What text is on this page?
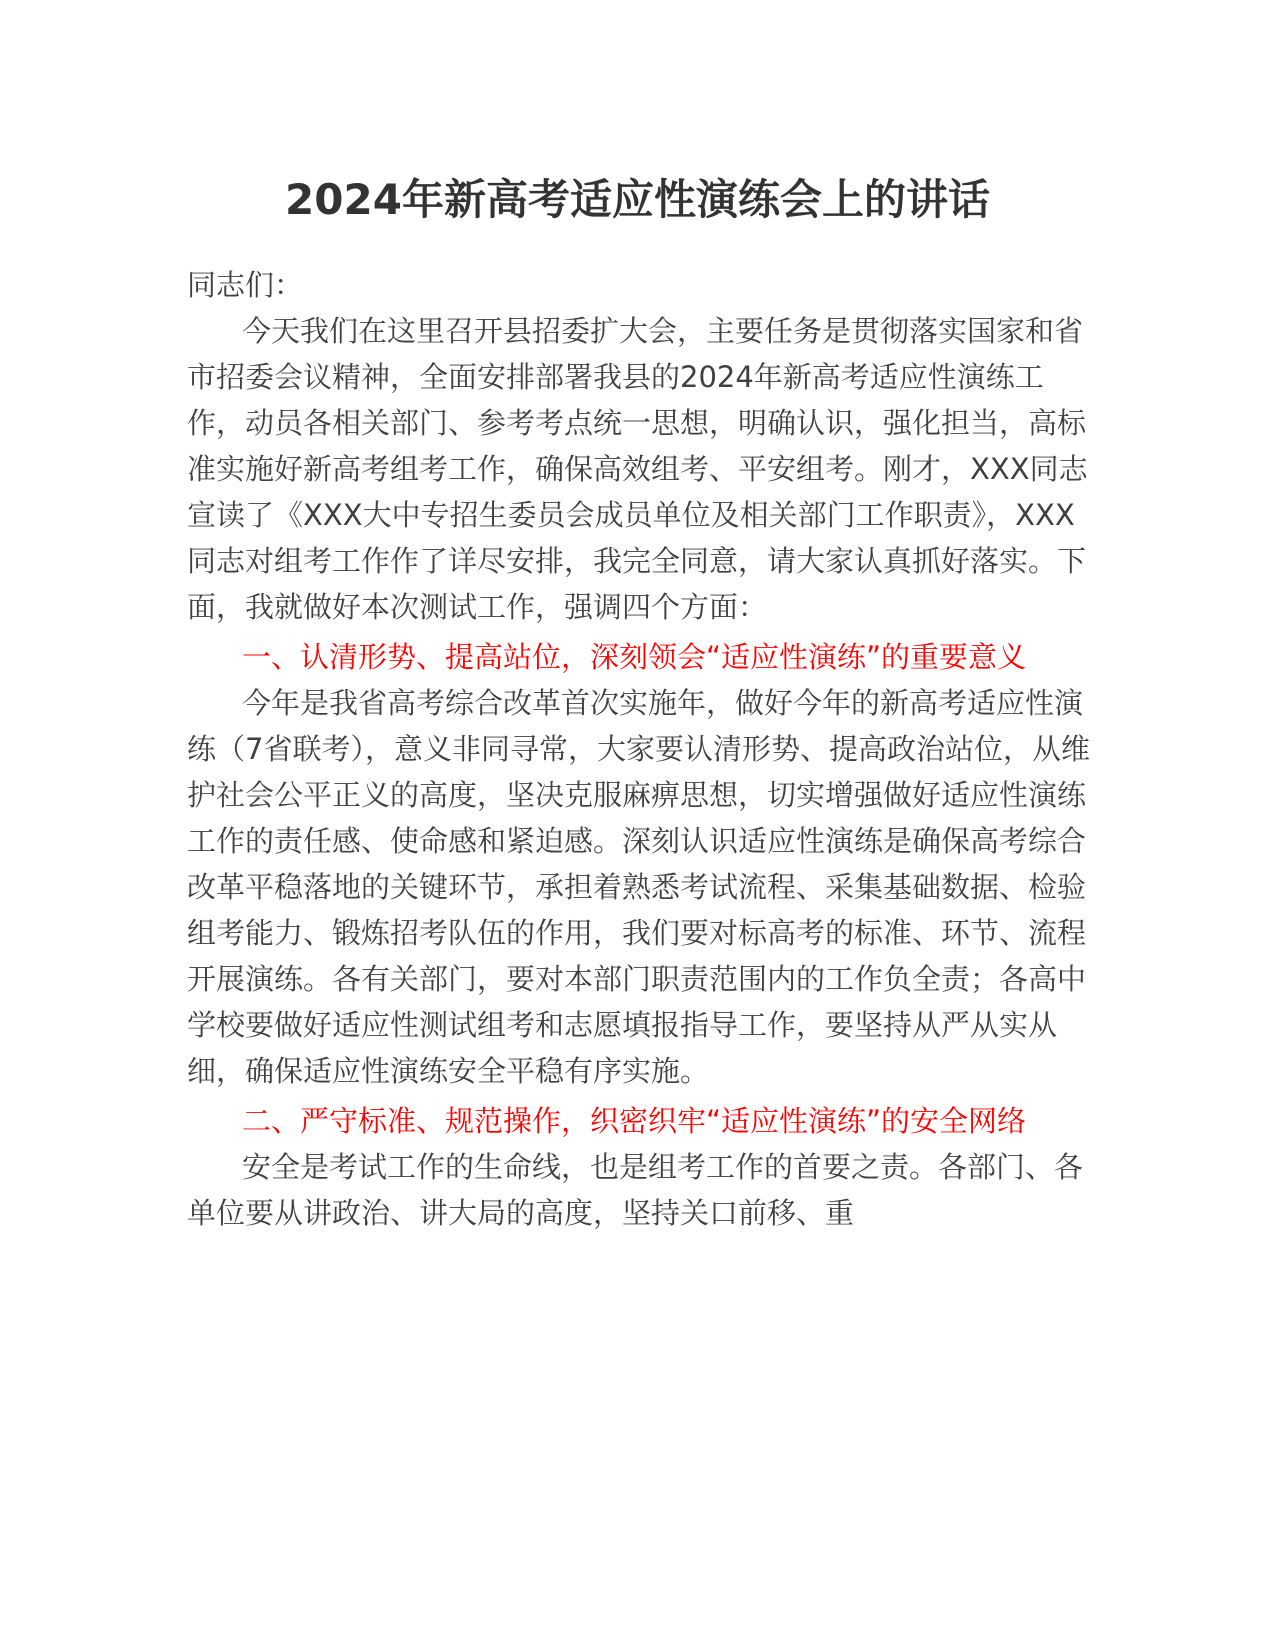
2024年新高考适应性演练会上的讲话

同志们：

今天我们在这里召开县招委扩大会，主要任务是贯彻落实国家和省市招委会议精神，全面安排部署我县的2024年新高考适应性演练工作，动员各相关部门、参考考点统一思想，明确认识，强化担当，高标准实施好新高考组考工作，确保高效组考、平安组考。刚才，XXX同志宣读了《XXX大中专招生委员会成员单位及相关部门工作职责》，XXX同志对组考工作作了详尽安排，我完全同意，请大家认真抓好落实。下面，我就做好本次测试工作，强调四个方面：

一、认清形势、提高站位，深刻领会“适应性演练”的重要意义

今年是我省高考综合改革首次实施年，做好今年的新高考适应性演练（7省联考），意义非同寻常，大家要认清形势、提高政治站位，从维护社会公平正义的高度，坚决克服麻痹思想，切实增强做好适应性演练工作的责任感、使命感和紧迫感。深刻认识适应性演练是确保高考综合改革平稳落地的关键环节，承担着熟悉考试流程、采集基础数据、检验组考能力、锻炼招考队伍的作用，我们要对标高考的标准、环节、流程开展演练。各有关部门，要对本部门职责范围内的工作负全责；各高中学校要做好适应性测试组考和志愿填报指导工作，要坚持从严从实从细，确保适应性演练安全平稳有序实施。

二、严守标准、规范操作，织密织牢“适应性演练”的安全网络

安全是考试工作的生命线，也是组考工作的首要之责。各部门、各单位要从讲政治、讲大局的高度，坚持关口前移、重
